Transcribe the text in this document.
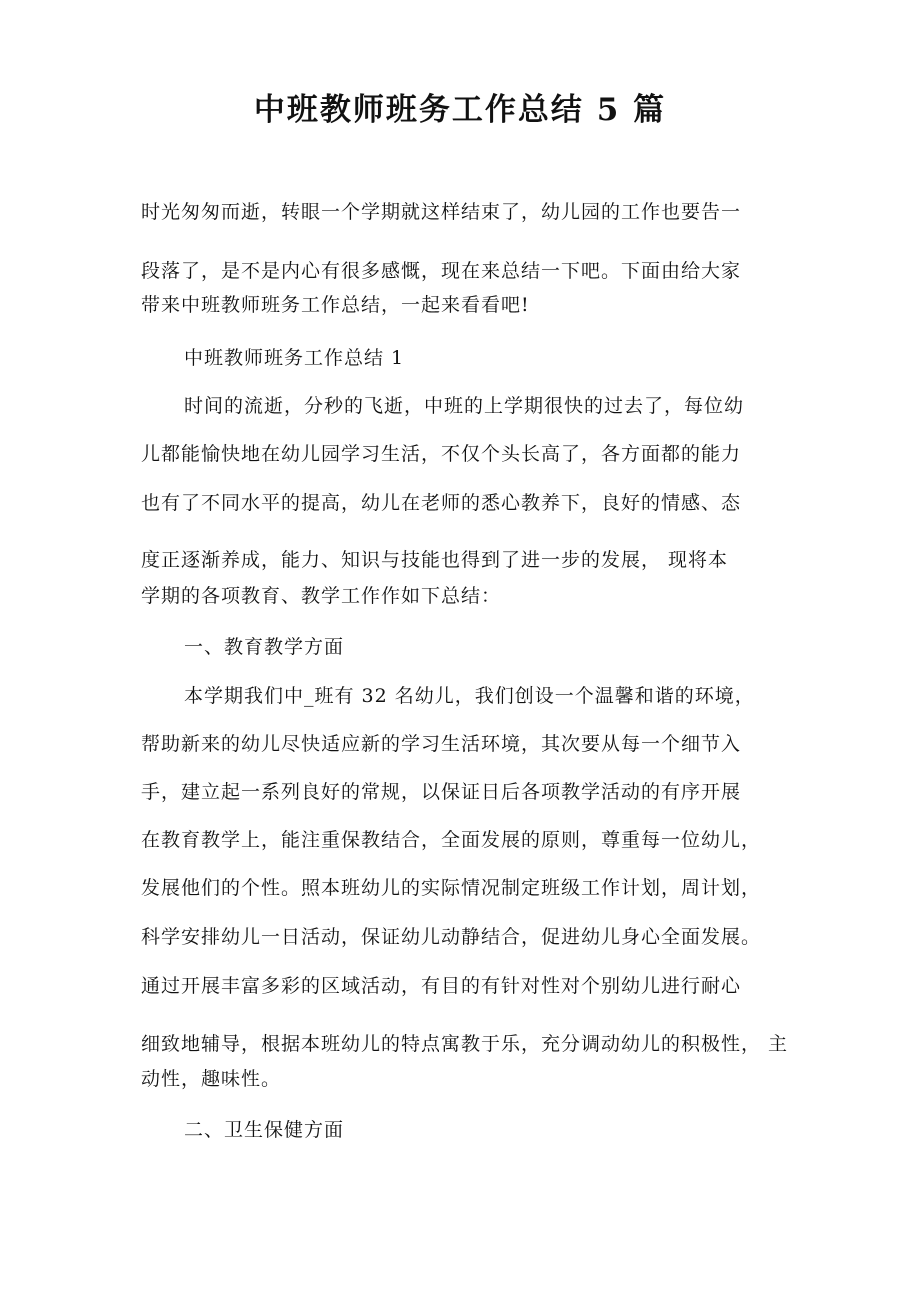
中班教师班务工作总结 5 篇
时光匆匆而逝，转眼一个学期就这样结束了，幼儿园的工作也要告一
段落了，是不是内心有很多感慨，现在来总结一下吧。下面由给大家
带来中班教师班务工作总结，一起来看看吧!
中班教师班务工作总结 1
时间的流逝，分秒的飞逝，中班的上学期很快的过去了，每位幼
儿都能愉快地在幼儿园学习生活，不仅个头长高了，各方面都的能力
也有了不同水平的提高，幼儿在老师的悉心教养下，良好的情感、态
度正逐渐养成，能力、知识与技能也得到了进一步的发展， 现将本
学期的各项教育、教学工作作如下总结：
一、教育教学方面
本学期我们中_班有 32 名幼儿，我们创设一个温馨和谐的环境，
帮助新来的幼儿尽快适应新的学习生活环境，其次要从每一个细节入
手，建立起一系列良好的常规，以保证日后各项教学活动的有序开展
在教育教学上，能注重保教结合，全面发展的原则，尊重每一位幼儿，
发展他们的个性。照本班幼儿的实际情况制定班级工作计划，周计划，
科学安排幼儿一日活动，保证幼儿动静结合，促进幼儿身心全面发展。
通过开展丰富多彩的区域活动，有目的有针对性对个别幼儿进行耐心
细致地辅导，根据本班幼儿的特点寓教于乐，充分调动幼儿的积极性， 主
动性，趣味性。
二、卫生保健方面
